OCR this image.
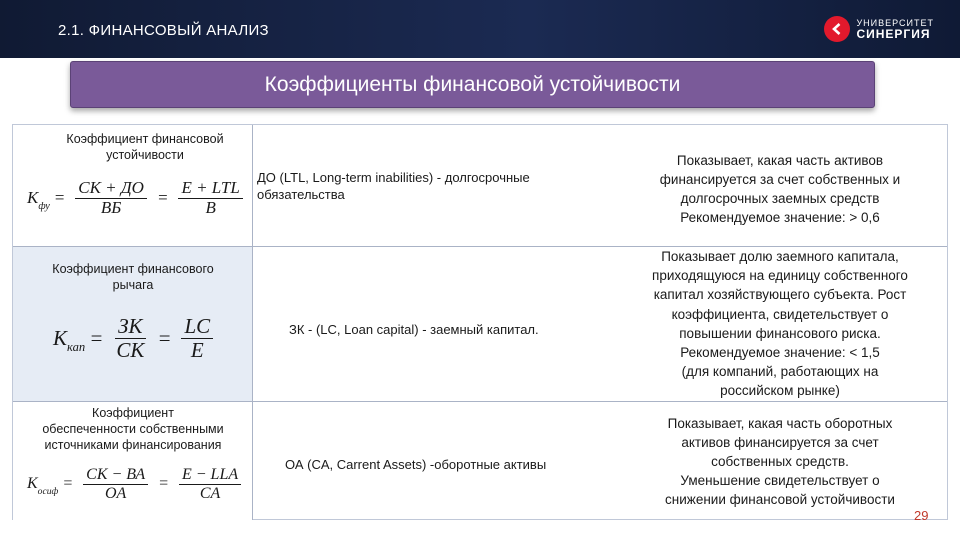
2.1. ФИНАНСОВЫЙ АНАЛИЗ	УНИВЕРСИТЕТ
СИНЕРГИЯ
Коэффициенты финансовой устойчивости
Коэффициент финансовой
устойчивости
$K_{фу} = \frac{СК + ДО}{ВБ} = \frac{\text{E + LTL}}{B}$
ДО (LTL, Long-term inabilities) - долгосрочные обязательства
Показывает, какая часть активов
финансируется за счет собственных и
долгосрочных заемных средств
Рекомендуемое значение: > 0,6
Коэффициент финансового
рычага
$K_{кап} = \frac{ЗК}{СК} = \frac{LC}{E}$	ЗК - (LC, Loan capital) - заемный капитал.
Показывает долю заемного капитала,
приходящуюся на единицу собственного
капитал хозяйствующего субъекта. Рост
коэффициента, свидетельствует о
повышении финансового риска.
Рекомендуемое значение: < 1,5
(для компаний, работающих на
российском рынке)
Коэффициент
обеспеченности собственными
источниками финансирования
$K_{осиф} = \frac{СК - ВА}{OA} = \frac{\text{E − LLA}}{CA}$
ОА (CA, Carrent Assets) -оборотные активы
Показывает, какая часть оборотных
активов финансируется за счет
собственных средств.
Уменьшение свидетельствует о
снижении финансовой устойчивости
29
